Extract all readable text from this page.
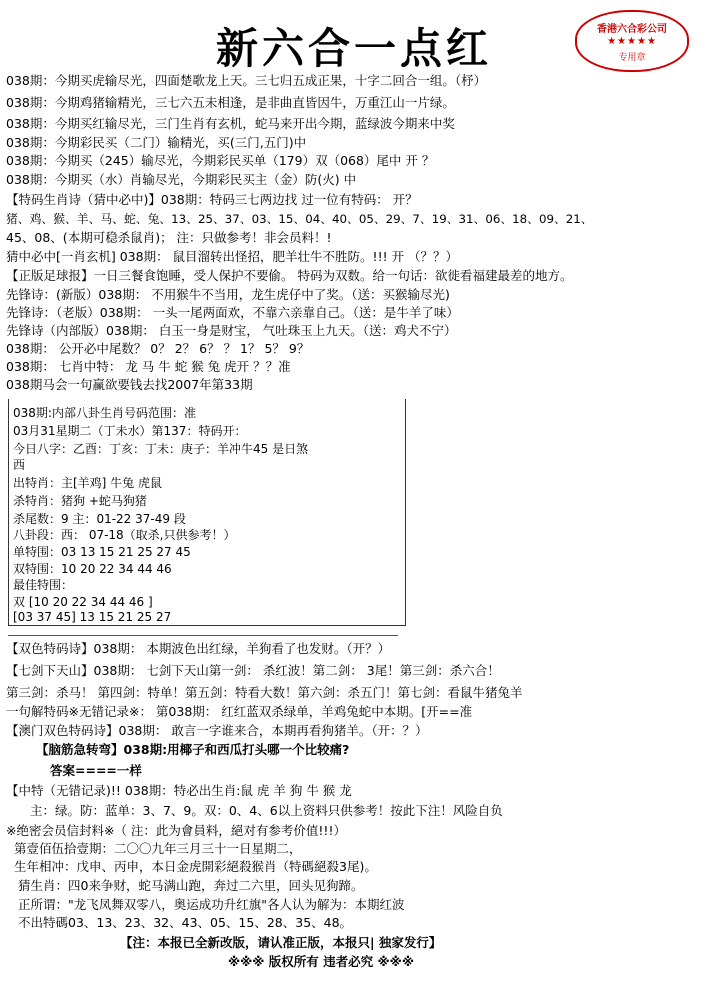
新六合一点红	香港六合彩公司
★★★★★
专用章
038期：今期买虎输尽光，四面楚歌龙上天。三七归五成正果，十字二回合一组。（杼）
038期：今期鸡猪输精光，三七六五未相逢，是非曲直皆因牛，万重江山一片绿。
038期：今期买红输尽光，三门生肖有玄机，蛇马来开出今期，蓝绿波今期来中奖
038期：今期彩民买（二门）输精光，买(三门,五门)中
038期：今期买（245）输尽光，今期彩民买单（179）双（068）尾中 开 ？
038期：今期买（水）肖输尽光，今期彩民买主（金）防(火) 中
【特码生肖诗（猜中必中)】038期：特码三七两边找 过一位有特码： 开？
猪、鸡、猴、羊、马、蛇、兔、13、25、37、03、15、04、40、05、29、7、19、31、06、18、09、21、
45、08、(本期可稳杀鼠肖)； 注：只做参考！非会员料！!
猜中必中[一肖玄机] 038期： 鼠目溜转出怪招，肥羊壮牛不胜防。!!! 开 （？？）
【正版足球报】一日三餐食饱睡，受人保护不要偷。 特码为双数。给一句话：欲徙看福建最差的地方。
先锋诗：(新版）038期： 不用猴牛不当用，龙生虎仔中了奖。（送：买猴输尽光)
先锋诗：（老版）038期： 一头一尾两面欢，不靠六亲靠自己。（送：是牛羊了味）
先锋诗（内部版）038期： 白玉一身是财宝， 气吐珠玉上九天。（送：鸡犬不宁）
038期： 公开必中尾数？ 0？ 2？ 6？ ？ 1？ 5？ 9？
038期： 七肖中特： 龙 马 牛 蛇 猴 兔 虎开 ？？准
038期马会一句赢欲要钱去找2007年第33期
038期:内部八卦生肖号码范围：准
03月31星期二（丁未水）第137：特码开：
今日八字：乙酉：丁亥：丁未：庚子：羊冲牛45 是日煞
西
出特肖：主[羊鸡] 牛兔 虎鼠
杀特肖：猪狗 +蛇马狗猪
杀尾数：9 主：01-22 37-49 段
八卦段：西： 07-18（取杀,只供参考！）
单特围：03 13 15 21 25 27 45
双特围：10 20 22 34 44 46
最佳特围：
双 [10 20 22 34 44 46 ]
[03 37 45] 13 15 21 25 27
【双色特码诗】038期： 本期波色出红绿，羊狗看了也发财。（开？）
【七剑下天山】038期： 七剑下天山第一剑： 杀红波！第二剑： 3尾！第三剑：杀六合！
第三剑：杀马！ 第四剑：特单！第五剑：特看大数！第六剑：杀五门！第七剑：看鼠牛猪兔羊
一句解特码※无错记录※： 第038期： 红红蓝双杀绿单，羊鸡兔蛇中本期。[开==准
【澳门双色特码诗】038期： 敢言一字谁来合，本期再看狗猪羊。（开：？）
【脑筋急转弯】038期:用椰子和西瓜打头哪一个比较痛?
答案====一样
【中特（无错记录)!! 038期：特必出生肖:鼠 虎 羊 狗 牛 猴 龙
主：绿。防：蓝单：3、7、9。双：0、4、6以上资料只供参考！按此下注！风险自负
※绝密会员信封料※（ 注：此为會員料，絕对有参考价值!!!）
第壹佰伍拾壹期：二〇〇九年三月三十一日星期二，
生年相冲：戊申、丙申，本日金虎開彩絕殺猴肖（特碼絕殺3尾)。
猜生肖：四0来争财，蛇马满山跑，奔过二六里，回头见狗蹄。
正所谓："龙飞凤舞双零八，奥运成功升红旗"各人认为解为：本期红波
不出特碼03、13、23、32、43、05、15、28、35、48。
【注：本报已全新改版，请认准正版，本报只| 独家发行】
※※※ 版权所有 违者必究 ※※※
